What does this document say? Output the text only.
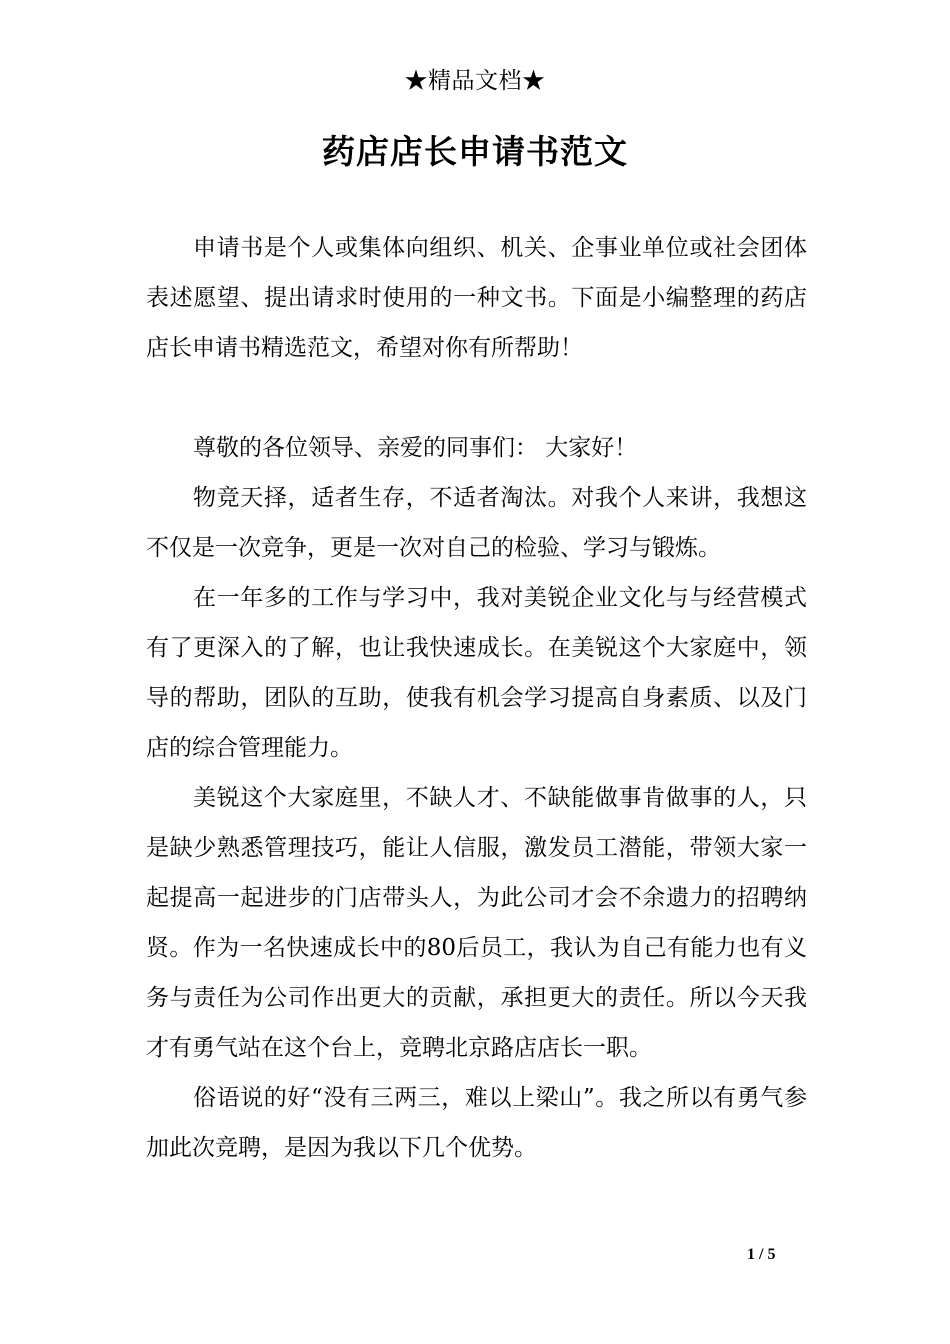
★精品文档★
药店店长申请书范文

申请书是个人或集体向组织、机关、企事业单位或社会团体表述愿望、提出请求时使用的一种文书。下面是小编整理的药店店长申请书精选范文，希望对你有所帮助！

尊敬的各位领导、亲爱的同事们： 大家好！

物竞天择，适者生存，不适者淘汰。对我个人来讲，我想这不仅是一次竞争，更是一次对自己的检验、学习与锻炼。

在一年多的工作与学习中，我对美锐企业文化与与经营模式有了更深入的了解，也让我快速成长。在美锐这个大家庭中，领导的帮助，团队的互助，使我有机会学习提高自身素质、以及门店的综合管理能力。

美锐这个大家庭里，不缺人才、不缺能做事肯做事的人，只是缺少熟悉管理技巧，能让人信服，激发员工潜能，带领大家一起提高一起进步的门店带头人，为此公司才会不余遗力的招聘纳贤。作为一名快速成长中的80后员工，我认为自己有能力也有义务与责任为公司作出更大的贡献，承担更大的责任。所以今天我才有勇气站在这个台上，竞聘北京路店店长一职。

俗语说的好“没有三两三，难以上梁山”。我之所以有勇气参加此次竞聘，是因为我以下几个优势。

1 / 5
